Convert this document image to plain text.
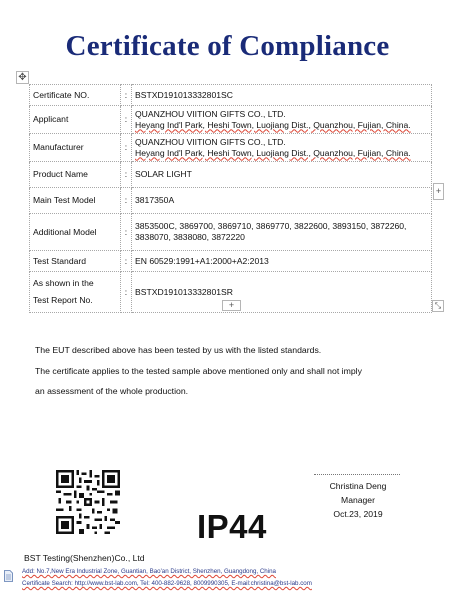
Certificate of Compliance
✥
Certificate NO.	:	BSTXD191013332801SC
Applicant	:	QUANZHOU VIITION GIFTS CO., LTD.
Heyang Ind'l Park, Heshi Town, Luojiang Dist., Quanzhou, Fujian, China.

Manufacturer	:	QUANZHOU VIITION GIFTS CO., LTD.
Heyang Ind'l Park, Heshi Town, Luojiang Dist., Quanzhou, Fujian, China.

Product Name	:	SOLAR LIGHT
Main Test Model	:	3817350A
Additional Model	:	3853500C, 3869700, 3869710, 3869770, 3822600, 3893150, 3872260,
3838070, 3838080, 3872220

Test Standard	:	EN 60529:1991+A1:2000+A2:2013

As shown in the
Test Report No.	:	BSTXD191013332801SR
+
+	⤡
The EUT described above has been tested by us with the listed standards.
The certificate applies to the tested sample above mentioned only and shall not imply
an assessment of the whole production.
Christina Deng
Manager
Oct.23, 2019
IP44
BST Testing(Shenzhen)Co., Ltd
Add: No.7,New Era Industrial Zone, Guantian, Bao'an District, Shenzhen, Guangdong, China
Certificate Search: http://www.bst-lab.com, Tel: 400-882-9628, 8009990305, E-mail:christina@bst-lab.com
